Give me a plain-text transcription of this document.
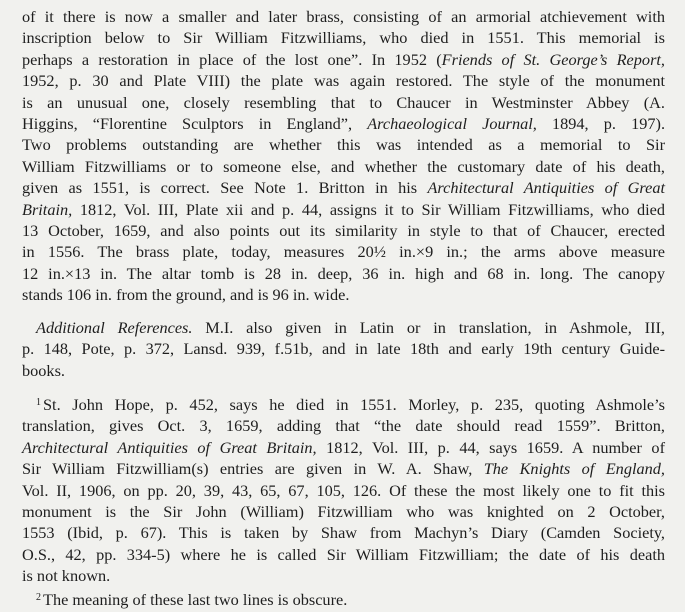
of it there is now a smaller and later brass, consisting of an armorial atchievement with
inscription below to Sir William Fitzwilliams, who died in 1551. This memorial is
perhaps a restoration in place of the lost one”. In 1952 (Friends of St. George’s Report,
1952, p. 30 and Plate VIII) the plate was again restored. The style of the monument
is an unusual one, closely resembling that to Chaucer in Westminster Abbey (A.
Higgins, “Florentine Sculptors in England”, Archaeological Journal, 1894, p. 197).
Two problems outstanding are whether this was intended as a memorial to Sir
William Fitzwilliams or to someone else, and whether the customary date of his death,
given as 1551, is correct. See Note 1. Britton in his Architectural Antiquities of Great
Britain, 1812, Vol. III, Plate xii and p. 44, assigns it to Sir William Fitzwilliams, who died
13 October, 1659, and also points out its similarity in style to that of Chaucer, erected
in 1556. The brass plate, today, measures 20½ in.×9 in.; the arms above measure
12 in.×13 in. The altar tomb is 28 in. deep, 36 in. high and 68 in. long. The canopy
stands 106 in. from the ground, and is 96 in. wide.
Additional References. M.I. also given in Latin or in translation, in Ashmole, III,
p. 148, Pote, p. 372, Lansd. 939, f.51b, and in late 18th and early 19th century Guide-
books.
$^1$ St. John Hope, p. 452, says he died in 1551. Morley, p. 235, quoting Ashmole’s
translation, gives Oct. 3, 1659, adding that “the date should read 1559”. Britton,
Architectural Antiquities of Great Britain, 1812, Vol. III, p. 44, says 1659. A number of
Sir William Fitzwilliam(s) entries are given in W. A. Shaw, The Knights of England,
Vol. II, 1906, on pp. 20, 39, 43, 65, 67, 105, 126. Of these the most likely one to fit this
monument is the Sir John (William) Fitzwilliam who was knighted on 2 October,
1553 (Ibid, p. 67). This is taken by Shaw from Machyn’s Diary (Camden Society,
O.S., 42, pp. 334-5) where he is called Sir William Fitzwilliam; the date of his death
is not known.
$^2$ The meaning of these last two lines is obscure.
